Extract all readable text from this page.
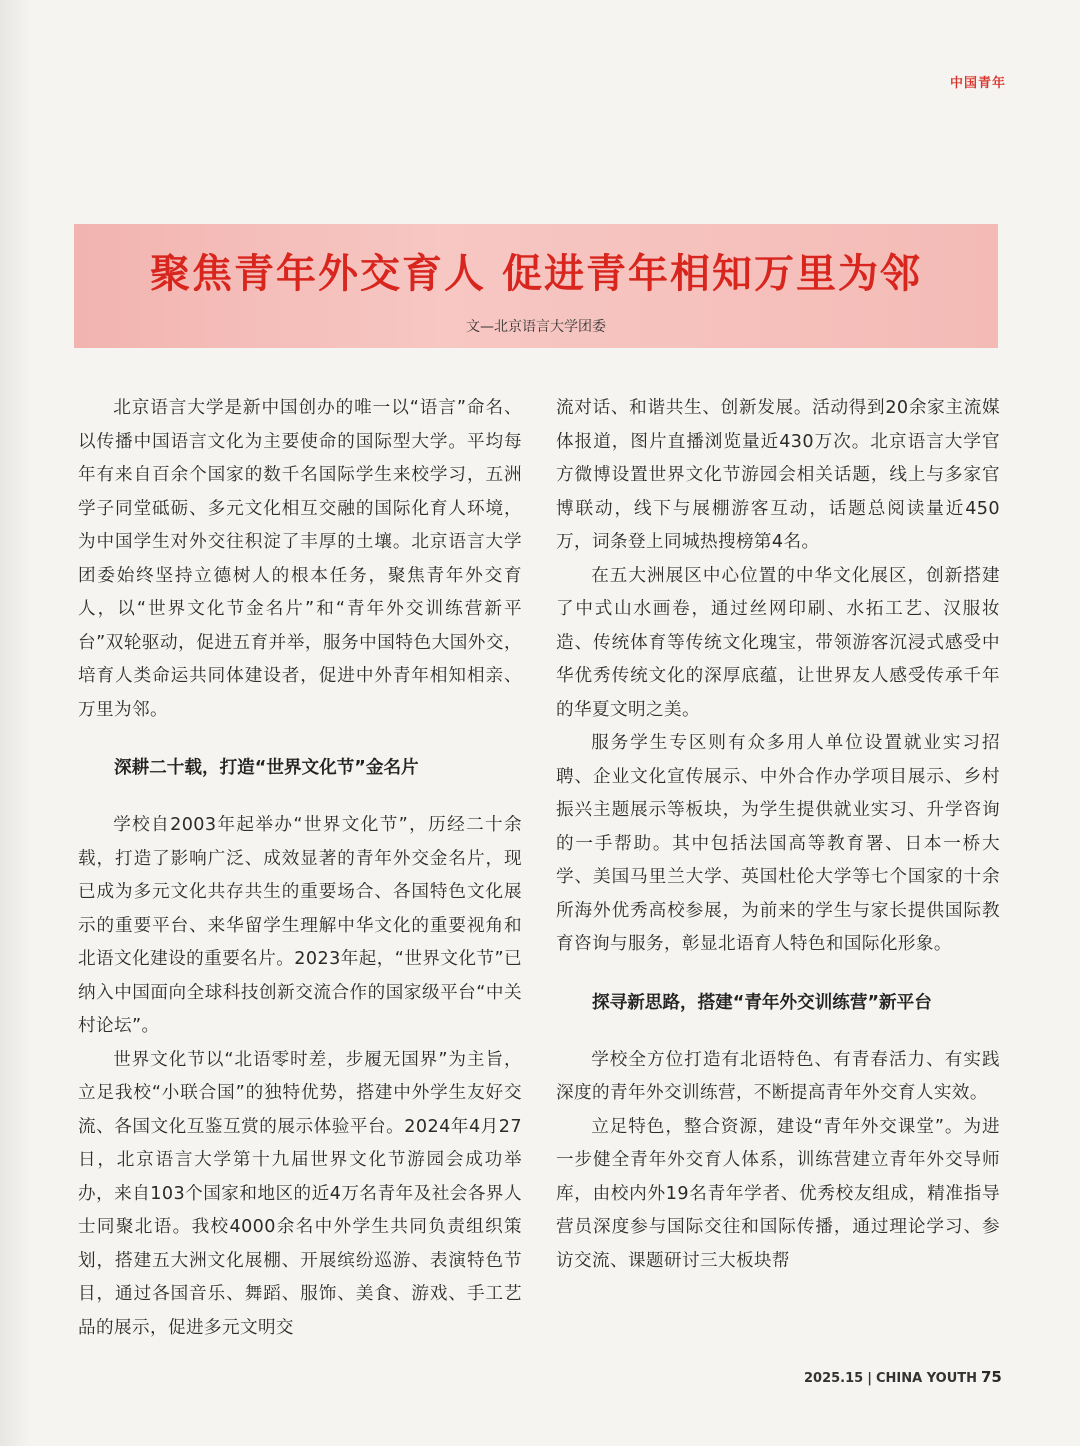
中国青年
聚焦青年外交育人 促进青年相知万里为邻
文—北京语言大学团委

北京语言大学是新中国创办的唯一以“语言”命名、以传播中国语言文化为主要使命的国际型大学。平均每年有来自百余个国家的数千名国际学生来校学习，五洲学子同堂砥砺、多元文化相互交融的国际化育人环境，为中国学生对外交往积淀了丰厚的土壤。北京语言大学团委始终坚持立德树人的根本任务，聚焦青年外交育人，以“世界文化节金名片”和“青年外交训练营新平台”双轮驱动，促进五育并举，服务中国特色大国外交，培育人类命运共同体建设者，促进中外青年相知相亲、万里为邻。

深耕二十载，打造“世界文化节”金名片

学校自2003年起举办“世界文化节”，历经二十余载，打造了影响广泛、成效显著的青年外交金名片，现已成为多元文化共存共生的重要场合、各国特色文化展示的重要平台、来华留学生理解中华文化的重要视角和北语文化建设的重要名片。2023年起，“世界文化节”已纳入中国面向全球科技创新交流合作的国家级平台“中关村论坛”。

世界文化节以“北语零时差，步履无国界”为主旨，立足我校“小联合国”的独特优势，搭建中外学生友好交流、各国文化互鉴互赏的展示体验平台。2024年4月27日，北京语言大学第十九届世界文化节游园会成功举办，来自103个国家和地区的近4万名青年及社会各界人士同聚北语。我校4000余名中外学生共同负责组织策划，搭建五大洲文化展棚、开展缤纷巡游、表演特色节目，通过各国音乐、舞蹈、服饰、美食、游戏、手工艺品的展示，促进多元文明交

流对话、和谐共生、创新发展。活动得到20余家主流媒体报道，图片直播浏览量近430万次。北京语言大学官方微博设置世界文化节游园会相关话题，线上与多家官博联动，线下与展棚游客互动，话题总阅读量近450万，词条登上同城热搜榜第4名。

在五大洲展区中心位置的中华文化展区，创新搭建了中式山水画卷，通过丝网印刷、水拓工艺、汉服妆造、传统体育等传统文化瑰宝，带领游客沉浸式感受中华优秀传统文化的深厚底蕴，让世界友人感受传承千年的华夏文明之美。

服务学生专区则有众多用人单位设置就业实习招聘、企业文化宣传展示、中外合作办学项目展示、乡村振兴主题展示等板块，为学生提供就业实习、升学咨询的一手帮助。其中包括法国高等教育署、日本一桥大学、美国马里兰大学、英国杜伦大学等七个国家的十余所海外优秀高校参展，为前来的学生与家长提供国际教育咨询与服务，彰显北语育人特色和国际化形象。

探寻新思路，搭建“青年外交训练营”新平台

学校全方位打造有北语特色、有青春活力、有实践深度的青年外交训练营，不断提高青年外交育人实效。

立足特色，整合资源，建设“青年外交课堂”。为进一步健全青年外交育人体系，训练营建立青年外交导师库，由校内外19名青年学者、优秀校友组成，精准指导营员深度参与国际交往和国际传播，通过理论学习、参访交流、课题研讨三大板块帮

2025.15 | CHINA YOUTH 75
